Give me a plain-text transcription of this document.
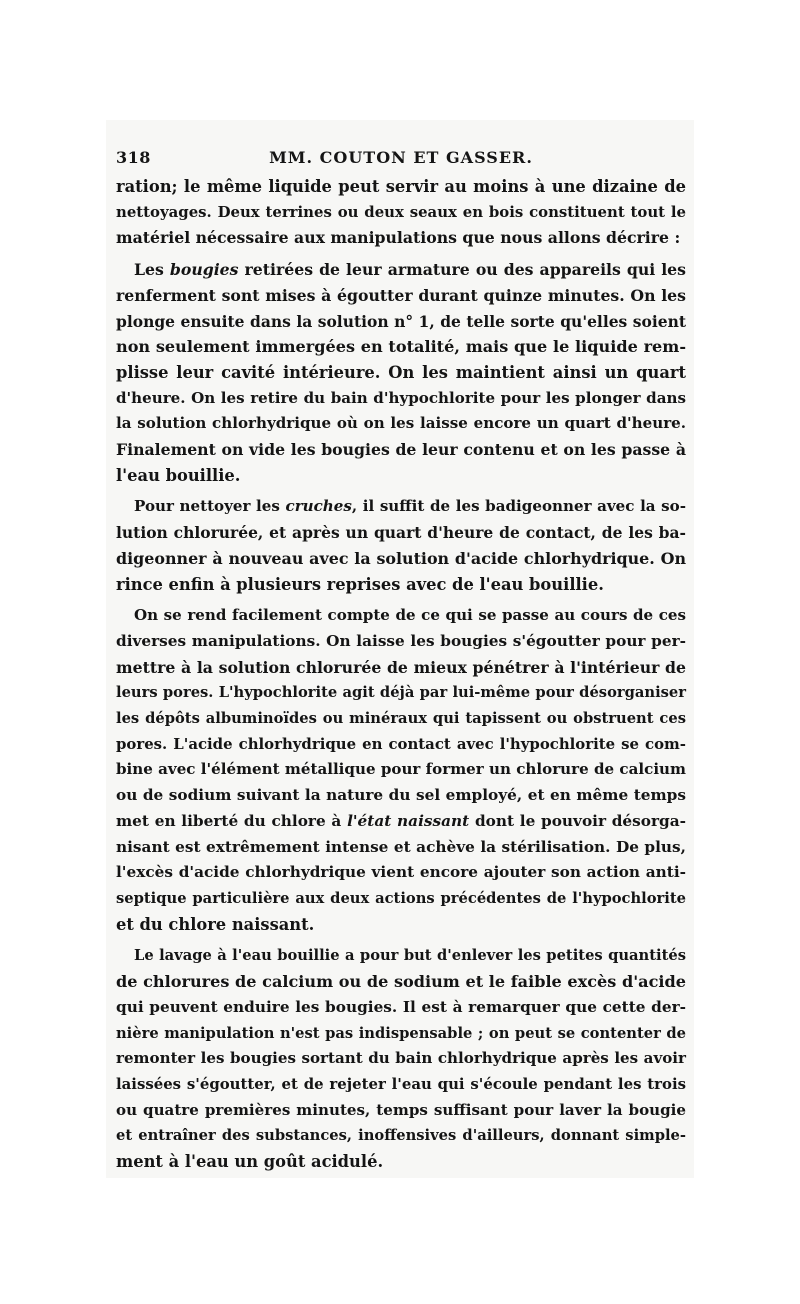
318	MM. COUTON ET GASSER.

ration; le même liquide peut servir au moins à une dizaine de
nettoyages. Deux terrines ou deux seaux en bois constituent tout le
matériel nécessaire aux manipulations que nous allons décrire :

Les bougies retirées de leur armature ou des appareils qui les
renferment sont mises à égoutter durant quinze minutes. On les
plonge ensuite dans la solution n° 1, de telle sorte qu'elles soient
non seulement immergées en totalité, mais que le liquide rem-
plisse leur cavité intérieure. On les maintient ainsi un quart
d'heure. On les retire du bain d'hypochlorite pour les plonger dans
la solution chlorhydrique où on les laisse encore un quart d'heure.
Finalement on vide les bougies de leur contenu et on les passe à
l'eau bouillie.

Pour nettoyer les cruches, il suffit de les badigeonner avec la so-
lution chlorurée, et après un quart d'heure de contact, de les ba-
digeonner à nouveau avec la solution d'acide chlorhydrique. On
rince enfin à plusieurs reprises avec de l'eau bouillie.

On se rend facilement compte de ce qui se passe au cours de ces
diverses manipulations. On laisse les bougies s'égoutter pour per-
mettre à la solution chlorurée de mieux pénétrer à l'intérieur de
leurs pores. L'hypochlorite agit déjà par lui-même pour désorganiser
les dépôts albuminoïdes ou minéraux qui tapissent ou obstruent ces
pores. L'acide chlorhydrique en contact avec l'hypochlorite se com-
bine avec l'élément métallique pour former un chlorure de calcium
ou de sodium suivant la nature du sel employé, et en même temps
met en liberté du chlore à l'état naissant dont le pouvoir désorga-
nisant est extrêmement intense et achève la stérilisation. De plus,
l'excès d'acide chlorhydrique vient encore ajouter son action anti-
septique particulière aux deux actions précédentes de l'hypochlorite
et du chlore naissant.

Le lavage à l'eau bouillie a pour but d'enlever les petites quantités
de chlorures de calcium ou de sodium et le faible excès d'acide
qui peuvent enduire les bougies. Il est à remarquer que cette der-
nière manipulation n'est pas indispensable ; on peut se contenter de
remonter les bougies sortant du bain chlorhydrique après les avoir
laissées s'égoutter, et de rejeter l'eau qui s'écoule pendant les trois
ou quatre premières minutes, temps suffisant pour laver la bougie
et entraîner des substances, inoffensives d'ailleurs, donnant simple-
ment à l'eau un goût acidulé.
